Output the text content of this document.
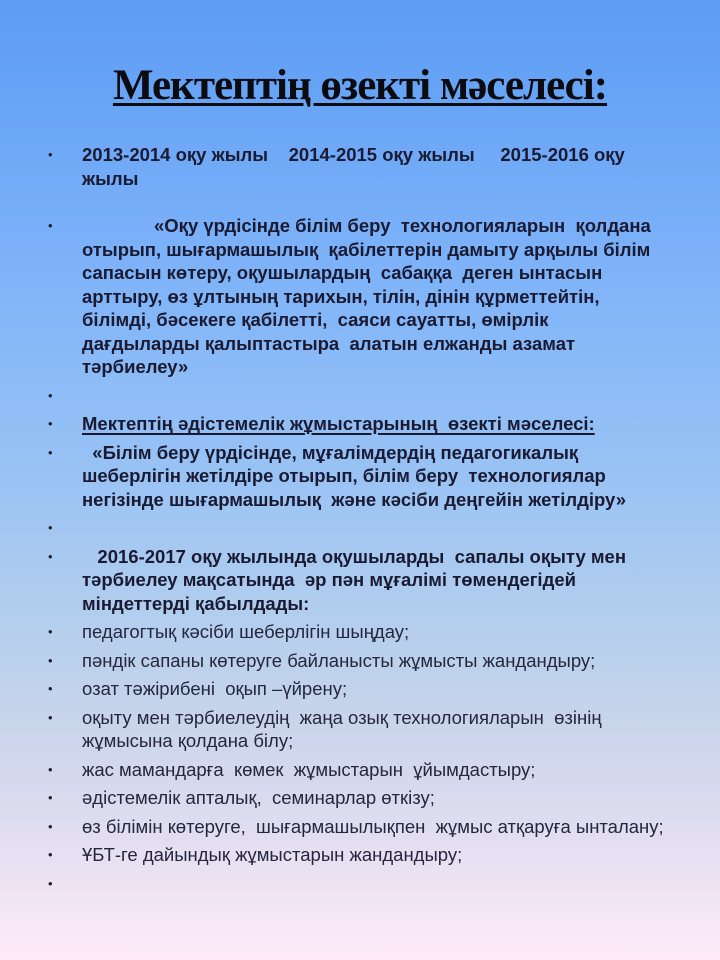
Мектептің өзекті мәселесі:
•	2013-2014 оқу жылы    2014-2015 оқу жылы     2015-2016 оқу жылы
•	«Оқу үрдісінде білім беру  технологияларын  қолдана отырып, шығармашылық  қабілеттерін дамыту арқылы білім сапасын көтеру, оқушылардың  сабаққа  деген ынтасын арттыру, өз ұлтының тарихын, тілін, дінін құрметтейтін, білімді, бәсекеге қабілетті,  саяси сауатты, өмірлік дағдыларды қалыптастыра  алатын елжанды азамат тәрбиелеу»
•
•	Мектептің әдістемелік жұмыстарының  өзекті мәселесі:
•	«Білім беру үрдісінде, мұғалімдердің педагогикалық шеберлігін жетілдіре отырып, білім беру  технологиялар негізінде шығармашылық  және кәсіби деңгейін жетілдіру»
•
•	2016-2017 оқу жылында оқушыларды  сапалы оқыту мен тәрбиелеу мақсатында  әр пән мұғалімі төмендегідей міндеттерді қабылдады:
•	педагогтық кәсіби шеберлігін шыңдау;
•	пәндік сапаны көтеруге байланысты жұмысты жандандыру;
•	озат тәжірибені  оқып –үйрену;
•	оқыту мен тәрбиелеудің  жаңа озық технологияларын  өзінің жұмысына қолдана білу;
•	жас мамандарға  көмек  жұмыстарын  ұйымдастыру;
•	әдістемелік апталық,  семинарлар өткізу;
•	өз білімін көтеруге,  шығармашылықпен  жұмыс атқаруға ынталану;
•	ҰБТ-ге дайындық жұмыстарын жандандыру;
•
